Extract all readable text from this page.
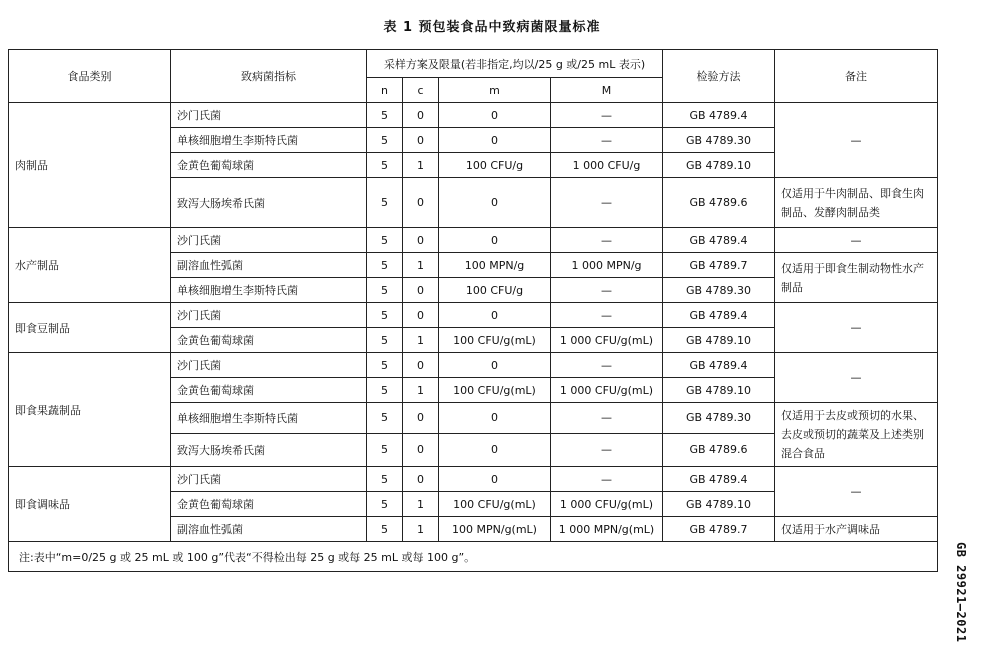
表 1 预包装食品中致病菌限量标准
食品类别	致病菌指标	采样方案及限量(若非指定,均以/25 g 或/25 mL 表示)				检验方法	备注
		n	c	m	M		
肉制品	沙门氏菌	5	0	0	—	GB 4789.4	—
	单核细胞增生李斯特氏菌	5	0	0	—	GB 4789.30	
	金黄色葡萄球菌	5	1	100 CFU/g	1 000 CFU/g	GB 4789.10	
	致泻大肠埃希氏菌	5	0	0	—	GB 4789.6	仅适用于牛肉制品、即食生肉制品、发酵肉制品类
水产制品	沙门氏菌	5	0	0	—	GB 4789.4	—
	副溶血性弧菌	5	1	100 MPN/g	1 000 MPN/g	GB 4789.7	仅适用于即食生制动物性水产制品
	单核细胞增生李斯特氏菌	5	0	100 CFU/g	—	GB 4789.30	
即食豆制品	沙门氏菌	5	0	0	—	GB 4789.4	—
	金黄色葡萄球菌	5	1	100 CFU/g(mL)	1 000 CFU/g(mL)	GB 4789.10	
即食果蔬制品	沙门氏菌	5	0	0	—	GB 4789.4	—
	金黄色葡萄球菌	5	1	100 CFU/g(mL)	1 000 CFU/g(mL)	GB 4789.10	
	单核细胞增生李斯特氏菌	5	0	0	—	GB 4789.30	仅适用于去皮或预切的水果、去皮或预切的蔬菜及上述类别混合食品
	致泻大肠埃希氏菌	5	0	0	—	GB 4789.6	
即食调味品	沙门氏菌	5	0	0	—	GB 4789.4	—
	金黄色葡萄球菌	5	1	100 CFU/g(mL)	1 000 CFU/g(mL)	GB 4789.10	
	副溶血性弧菌	5	1	100 MPN/g(mL)	1 000 MPN/g(mL)	GB 4789.7	仅适用于水产调味品
注:表中“m=0/25 g 或 25 mL 或 100 g”代表“不得检出每 25 g 或每 25 mL 或每 100 g”。								GB 29921—2021
